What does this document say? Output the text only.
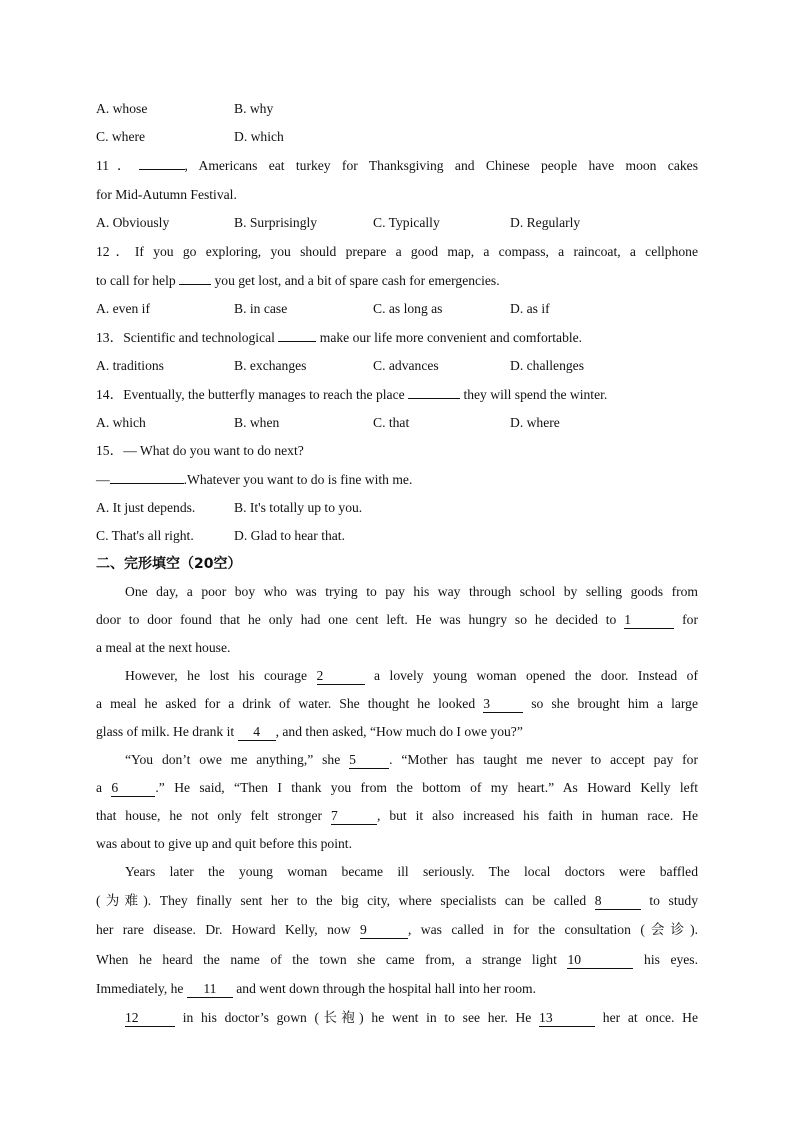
A. whose	B. why
C. where	D. which
11．	, Americans eat turkey for Thanksgiving and Chinese people have moon cakes
for Mid-Autumn Festival.
A. Obviously	B. Surprisingly	C. Typically	D. Regularly
12．If you go exploring, you should prepare a good map, a compass, a raincoat, a cellphone
to call for help	you get lost, and a bit of spare cash for emergencies.
A. even if	B. in case	C. as long as	D. as if
13．Scientific and technological	make our life more convenient and comfortable.
A. traditions	B. exchanges	C. advances	D. challenges
14．Eventually, the butterfly manages to reach the place	they will spend the winter.
A. which	B. when	C. that	D. where
15．— What do you want to do next?
—	.Whatever you want to do is fine with me.
A. It just depends.	B. It's totally up to you.
C. That's all right.	D. Glad to hear that.
二、完形填空（20空）
One day, a poor boy who was trying to pay his way through school by selling goods from
door to door found that he only had one cent left. He was hungry so he decided to 1	for
a meal at the next house.
However, he lost his courage 2	a lovely young woman opened the door. Instead of
a meal he asked for a drink of water. She thought he looked 3	so she brought him a large
glass of milk. He drank it 4 , and then asked, “How much do I owe you?”
“You don’t owe me anything,” she 5 . “Mother has taught me never to accept pay for
a 6	.” He said, “Then I thank you from the bottom of my heart.” As Howard Kelly left
that house, he not only felt stronger 7	, but it also increased his faith in human race. He
was about to give up and quit before this point.
Years later the young woman became ill seriously. The local doctors were baffled
(为难). They finally sent her to the big city, where specialists can be called 8	to study
her rare disease. Dr. Howard Kelly, now 9	, was called in for the consultation (会诊).
When he heard the name of the town she came from, a strange light 10	his eyes.
Immediately, he 11 and went down through the hospital hall into her room.
12	in his doctor’s gown (长袍) he went in to see her. He 13	her at once. He
